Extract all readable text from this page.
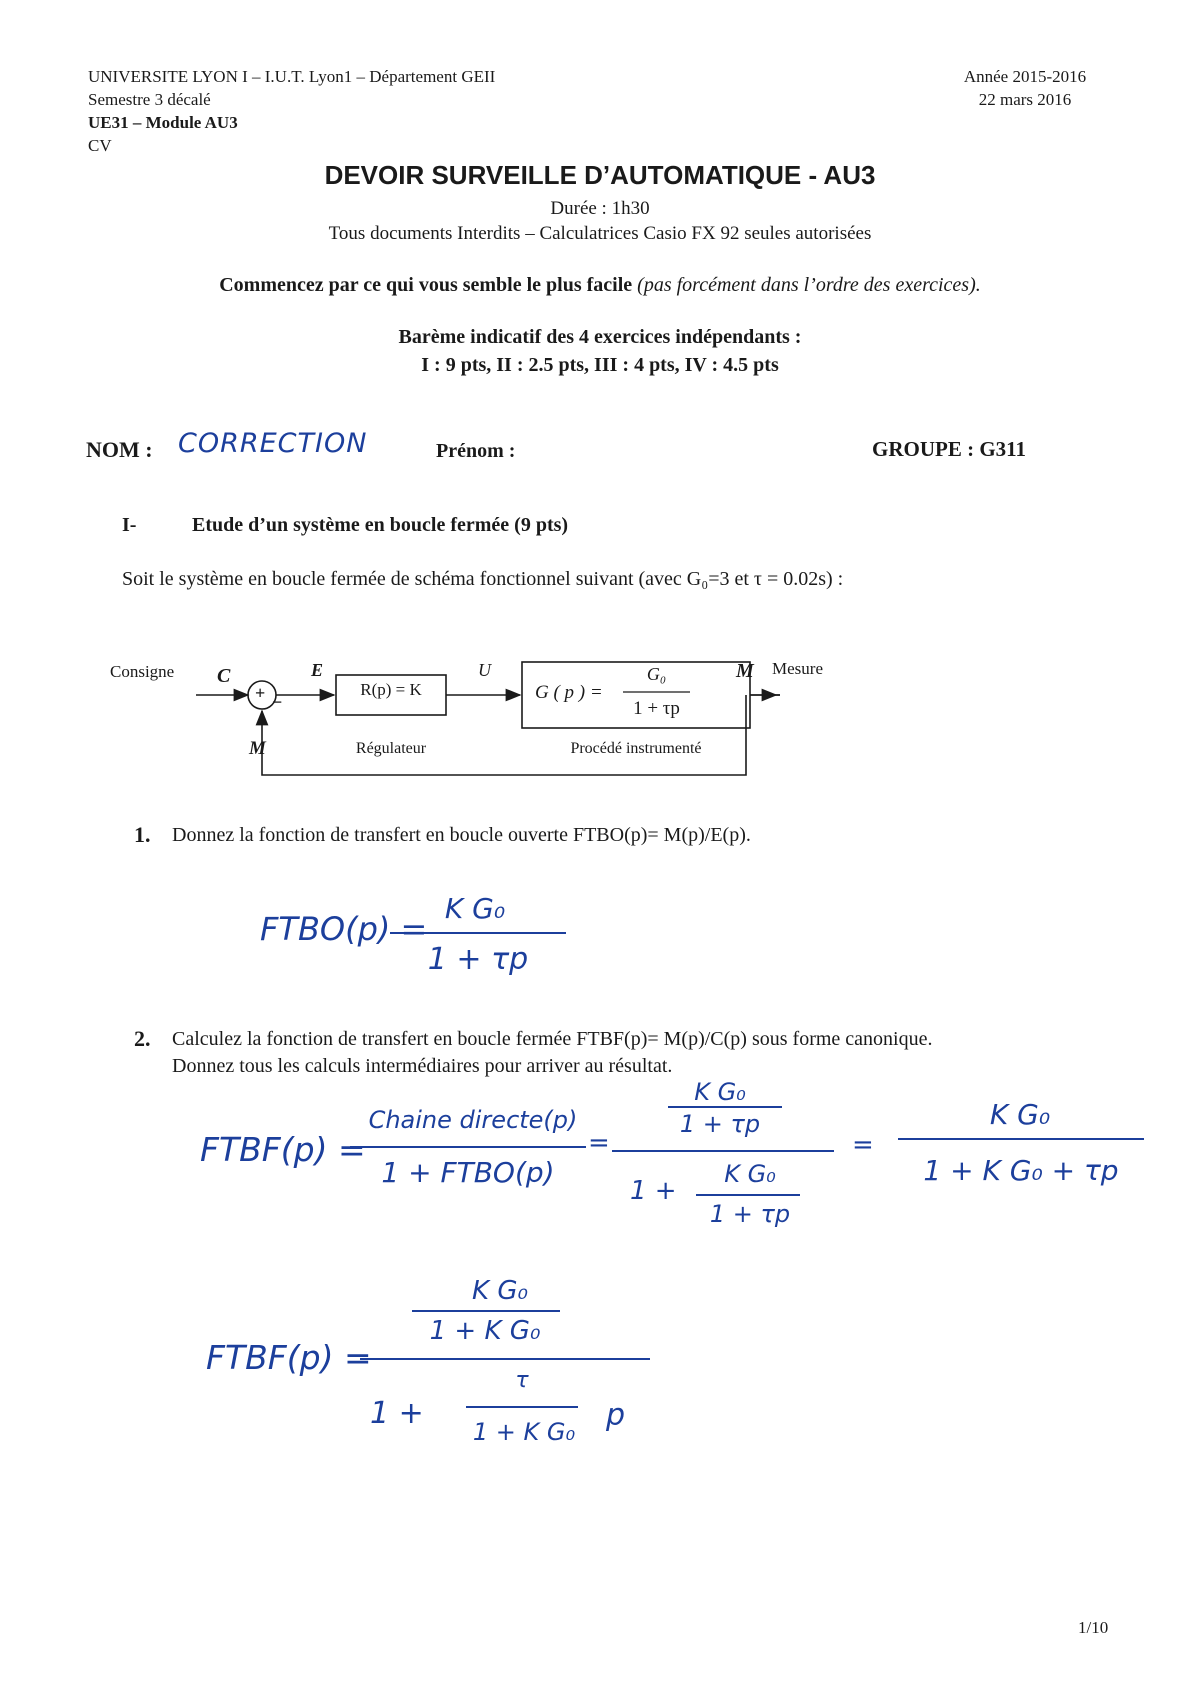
UNIVERSITE LYON I – I.U.T. Lyon1 – Département GEII
Semestre 3 décalé
UE31 – Module AU3
CV
Année 2015-2016
22 mars 2016
DEVOIR SURVEILLE D’AUTOMATIQUE - AU3
Durée : 1h30
Tous documents Interdits – Calculatrices Casio FX 92 seules autorisées
Commencez par ce qui vous semble le plus facile (pas forcément dans l’ordre des exercices).
Barème indicatif des 4 exercices indépendants :
I : 9 pts, II : 2.5 pts, III : 4 pts, IV : 4.5 pts
NOM : CORRECTION	Prénom :	GROUPE : G311
I-	Etude d’un système en boucle fermée (9 pts)
Soit le système en boucle fermée de schéma fonctionnel suivant (avec G₀=3 et τ = 0.02s) :
Consigne C
+ −
E
R(p) = K
U
G ( p ) =
G₀
1 + τp
M Mesure
M	Régulateur	Procédé instrumenté
1. Donnez la fonction de transfert en boucle ouverte FTBO(p)= M(p)/E(p).
FTBO(p) =
K G₀
1 + τp
2. Calculez la fonction de transfert en boucle fermée FTBF(p)= M(p)/C(p) sous forme canonique.
Donnez tous les calculs intermédiaires pour arriver au résultat.
FTBF(p) =
Chaine directe(p)
1 + FTBO(p)
=
K G₀
1 + τp
1 +
K G₀
1 + τp
=
K G₀
1 + K G₀ + τp
FTBF(p) =
K G₀
1 + K G₀
1 +
τ
1 + K G₀	p
1/10
